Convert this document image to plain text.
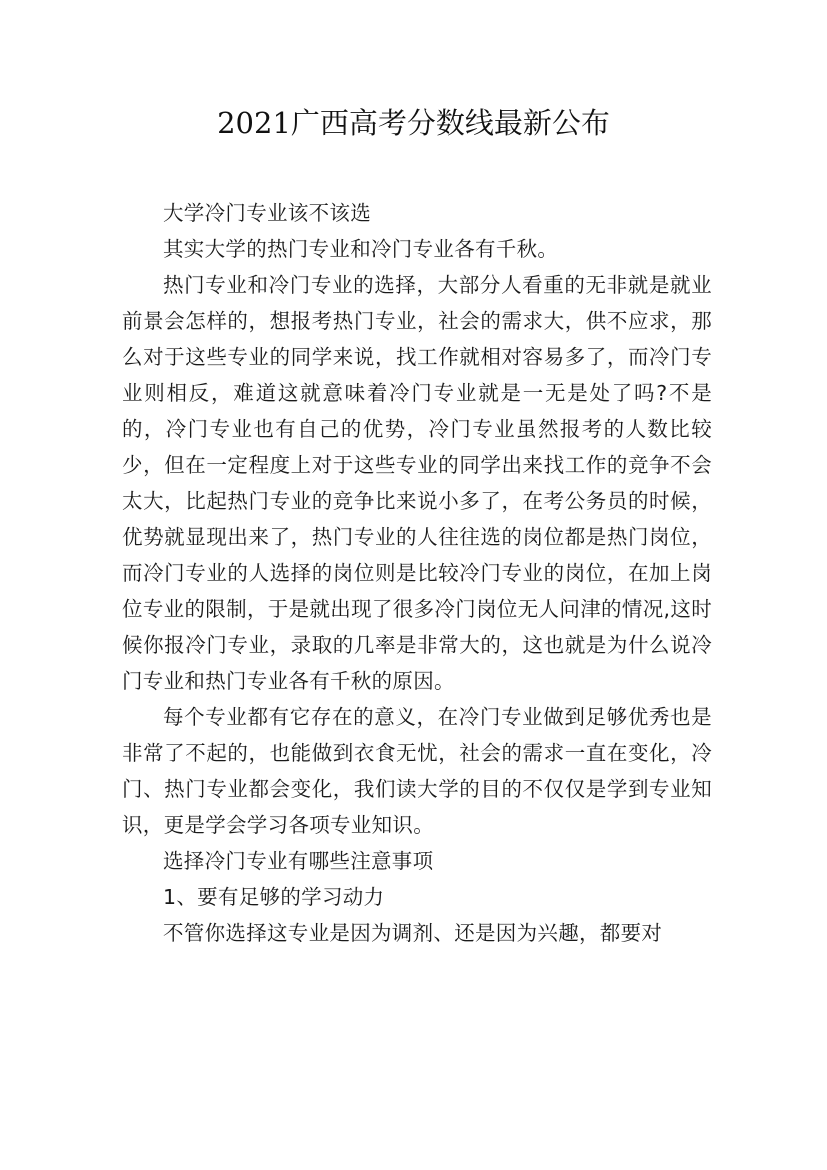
2021广西高考分数线最新公布

大学冷门专业该不该选

其实大学的热门专业和冷门专业各有千秋。

热门专业和冷门专业的选择，大部分人看重的无非就是就业前景会怎样的，想报考热门专业，社会的需求大，供不应求，那么对于这些专业的同学来说，找工作就相对容易多了，而冷门专业则相反，难道这就意味着冷门专业就是一无是处了吗?不是的，冷门专业也有自己的优势，冷门专业虽然报考的人数比较少，但在一定程度上对于这些专业的同学出来找工作的竞争不会太大，比起热门专业的竞争比来说小多了，在考公务员的时候，优势就显现出来了，热门专业的人往往选的岗位都是热门岗位，而冷门专业的人选择的岗位则是比较冷门专业的岗位，在加上岗位专业的限制，于是就出现了很多冷门岗位无人问津的情况,这时候你报冷门专业，录取的几率是非常大的，这也就是为什么说冷门专业和热门专业各有千秋的原因。

每个专业都有它存在的意义，在冷门专业做到足够优秀也是非常了不起的，也能做到衣食无忧，社会的需求一直在变化，冷门、热门专业都会变化，我们读大学的目的不仅仅是学到专业知识，更是学会学习各项专业知识。

选择冷门专业有哪些注意事项

1、要有足够的学习动力

不管你选择这专业是因为调剂、还是因为兴趣，都要对
